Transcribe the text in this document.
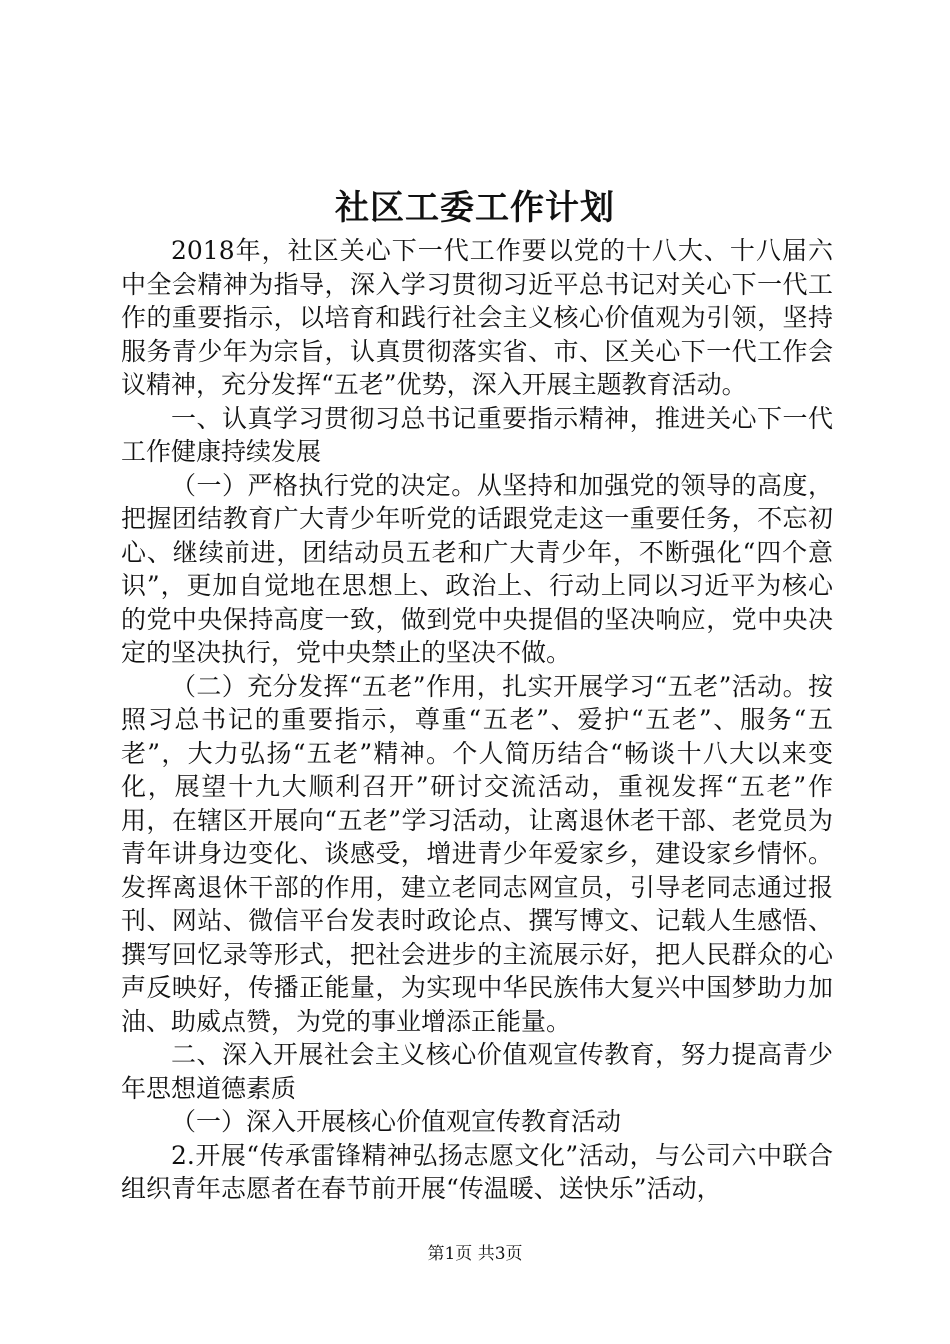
社区工委工作计划

2018年，社区关心下一代工作要以党的十八大、十八届六中全会精神为指导，深入学习贯彻习近平总书记对关心下一代工作的重要指示，以培育和践行社会主义核心价值观为引领，坚持服务青少年为宗旨，认真贯彻落实省、市、区关心下一代工作会议精神，充分发挥“五老”优势，深入开展主题教育活动。

一、认真学习贯彻习总书记重要指示精神，推进关心下一代工作健康持续发展

（一）严格执行党的决定。从坚持和加强党的领导的高度，把握团结教育广大青少年听党的话跟党走这一重要任务，不忘初心、继续前进，团结动员五老和广大青少年，不断强化“四个意识”，更加自觉地在思想上、政治上、行动上同以习近平为核心的党中央保持高度一致，做到党中央提倡的坚决响应，党中央决定的坚决执行，党中央禁止的坚决不做。

（二）充分发挥“五老”作用，扎实开展学习“五老”活动。按照习总书记的重要指示，尊重“五老”、爱护“五老”、服务“五老”，大力弘扬“五老”精神。个人简历结合“畅谈十八大以来变化，展望十九大顺利召开”研讨交流活动，重视发挥“五老”作用，在辖区开展向“五老”学习活动，让离退休老干部、老党员为青年讲身边变化、谈感受，增进青少年爱家乡，建设家乡情怀。发挥离退休干部的作用，建立老同志网宣员，引导老同志通过报刊、网站、微信平台发表时政论点、撰写博文、记载人生感悟、撰写回忆录等形式，把社会进步的主流展示好，把人民群众的心声反映好，传播正能量，为实现中华民族伟大复兴中国梦助力加油、助威点赞，为党的事业增添正能量。

二、深入开展社会主义核心价值观宣传教育，努力提高青少年思想道德素质

（一）深入开展核心价值观宣传教育活动

2.开展“传承雷锋精神弘扬志愿文化”活动，与公司六中联合组织青年志愿者在春节前开展“传温暖、送快乐”活动，

第1页 共3页
